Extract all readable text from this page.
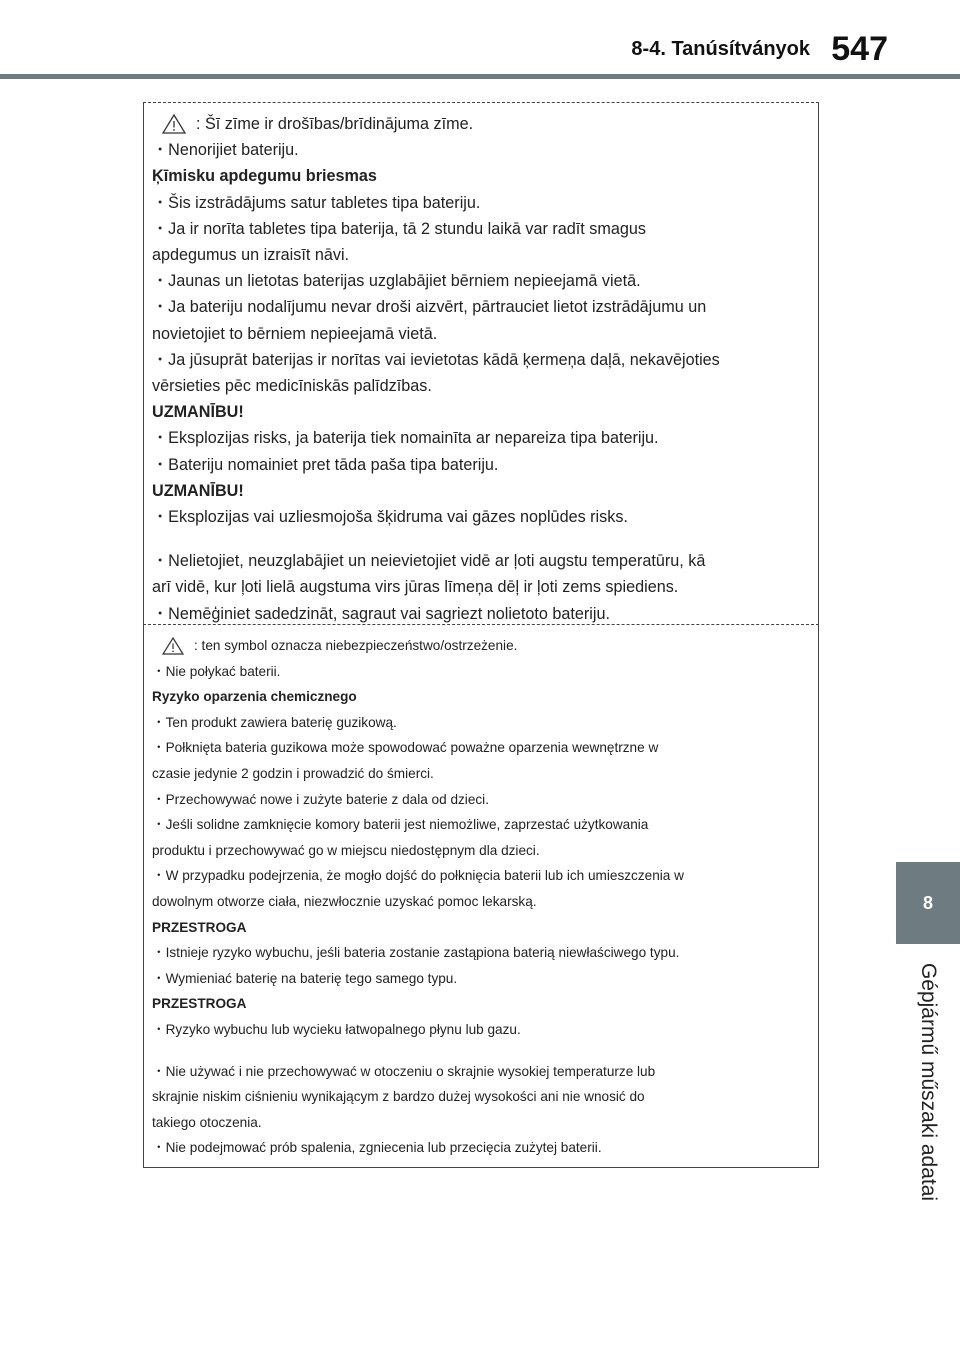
8-4. Tanúsítványok 547
8
Gépjármű műszaki adatai

: Šī zīme ir drošības/brīdinājuma zīme.

・Nenorijiet bateriju.

Ķīmisku apdegumu briesmas

・Šis izstrādājums satur tabletes tipa bateriju.

・Ja ir norīta tabletes tipa baterija, tā 2 stundu laikā var radīt smagus

apdegumus un izraisīt nāvi.

・Jaunas un lietotas baterijas uzglabājiet bērniem nepieejamā vietā.

・Ja bateriju nodalījumu nevar droši aizvērt, pārtrauciet lietot izstrādājumu un

novietojiet to bērniem nepieejamā vietā.

・Ja jūsuprāt baterijas ir norītas vai ievietotas kādā ķermeņa daļā, nekavējoties

vērsieties pēc medicīniskās palīdzības.

UZMANĪBU!

・Eksplozijas risks, ja baterija tiek nomainīta ar nepareiza tipa bateriju.

・Bateriju nomainiet pret tāda paša tipa bateriju.

UZMANĪBU!

・Eksplozijas vai uzliesmojoša šķidruma vai gāzes noplūdes risks.

・Nelietojiet, neuzglabājiet un neievietojiet vidē ar ļoti augstu temperatūru, kā

arī vidē, kur ļoti lielā augstuma virs jūras līmeņa dēļ ir ļoti zems spiediens.

・Nemēģiniet sadedzināt, sagraut vai sagriezt nolietoto bateriju.

: ten symbol oznacza niebezpieczeństwo/ostrzeżenie.

・Nie połykać baterii.

Ryzyko oparzenia chemicznego

・Ten produkt zawiera baterię guzikową.

・Połknięta bateria guzikowa może spowodować poważne oparzenia wewnętrzne w

czasie jedynie 2 godzin i prowadzić do śmierci.

・Przechowywać nowe i zużyte baterie z dala od dzieci.

・Jeśli solidne zamknięcie komory baterii jest niemożliwe, zaprzestać użytkowania

produktu i przechowywać go w miejscu niedostępnym dla dzieci.

・W przypadku podejrzenia, że mogło dojść do połknięcia baterii lub ich umieszczenia w

dowolnym otworze ciała, niezwłocznie uzyskać pomoc lekarską.

PRZESTROGA

・Istnieje ryzyko wybuchu, jeśli bateria zostanie zastąpiona baterią niewłaściwego typu.

・Wymieniać baterię na baterię tego samego typu.

PRZESTROGA

・Ryzyko wybuchu lub wycieku łatwopalnego płynu lub gazu.

・Nie używać i nie przechowywać w otoczeniu o skrajnie wysokiej temperaturze lub

skrajnie niskim ciśnieniu wynikającym z bardzo dużej wysokości ani nie wnosić do

takiego otoczenia.

・Nie podejmować prób spalenia, zgniecenia lub przecięcia zużytej baterii.
